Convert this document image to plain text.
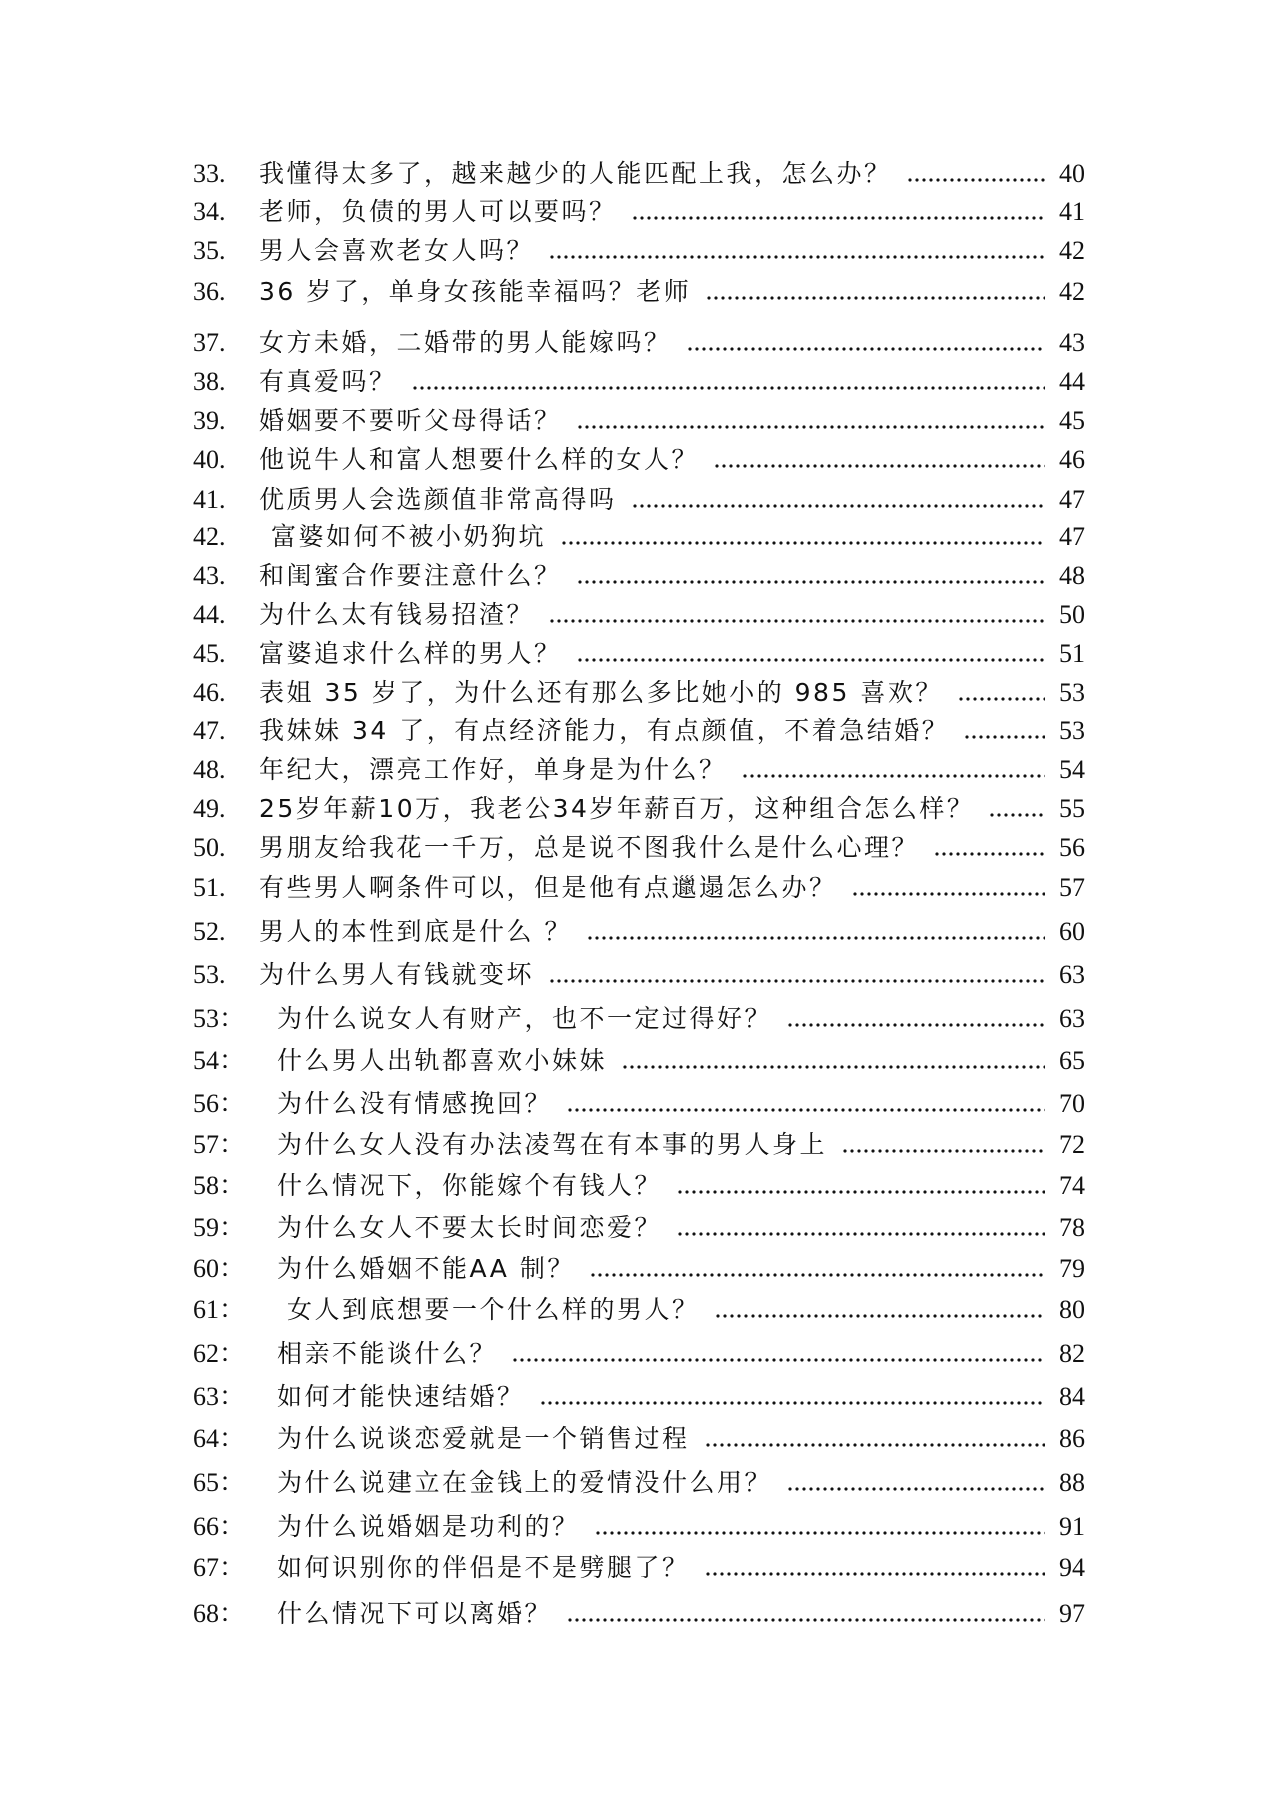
33.	我懂得太多了，越来越少的人能匹配上我，怎么办？	40
34.	老师，负债的男人可以要吗？	41
35.	男人会喜欢老女人吗？	42
36.	36 岁了，单身女孩能幸福吗？老师	42
37.	女方未婚，二婚带的男人能嫁吗？	43
38.	有真爱吗？	44
39.	婚姻要不要听父母得话？	45
40.	他说牛人和富人想要什么样的女人？	46
41.	优质男人会选颜值非常高得吗	47
42.	富婆如何不被小奶狗坑	47
43.	和闺蜜合作要注意什么？	48
44.	为什么太有钱易招渣？	50
45.	富婆追求什么样的男人？	51
46.	表姐 35 岁了，为什么还有那么多比她小的 985 喜欢？	53
47.	我妹妹 34 了，有点经济能力，有点颜值，不着急结婚？	53
48.	年纪大，漂亮工作好，单身是为什么？	54
49.	25岁年薪10万，我老公34岁年薪百万，这种组合怎么样？	55
50.	男朋友给我花一千万，总是说不图我什么是什么心理？	56
51.	有些男人啊条件可以，但是他有点邋遢怎么办？	57
52.	男人的本性到底是什么 ？	60
53.	为什么男人有钱就变坏	63
53：	为什么说女人有财产，也不一定过得好？	63
54：	什么男人出轨都喜欢小妹妹	65
56：	为什么没有情感挽回？	70
57：	为什么女人没有办法凌驾在有本事的男人身上	72
58：	什么情况下，你能嫁个有钱人？	74
59：	为什么女人不要太长时间恋爱？	78
60：	为什么婚姻不能AA 制？	79
61：	女人到底想要一个什么样的男人？	80
62：	相亲不能谈什么？	82
63：	如何才能快速结婚？	84
64：	为什么说谈恋爱就是一个销售过程	86
65：	为什么说建立在金钱上的爱情没什么用？	88
66：	为什么说婚姻是功利的？	91
67：	如何识别你的伴侣是不是劈腿了？	94
68：	什么情况下可以离婚？	97
